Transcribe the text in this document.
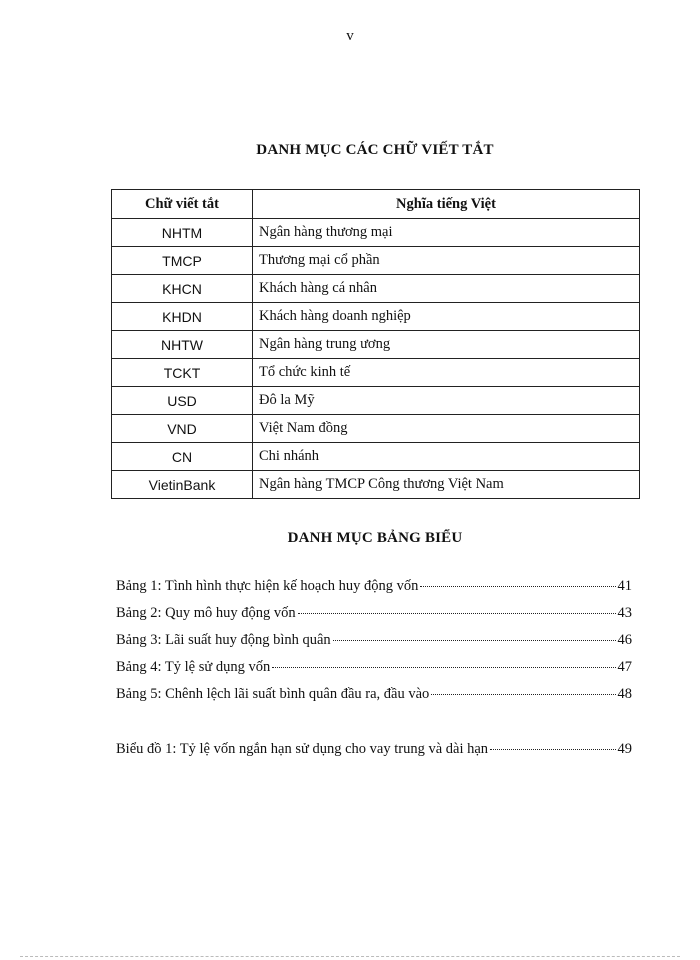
v
DANH MỤC CÁC CHỮ VIẾT TẮT
Chữ viết tắt	Nghĩa tiếng Việt
NHTM	Ngân hàng thương mại
TMCP	Thương mại cổ phần
KHCN	Khách hàng cá nhân
KHDN	Khách hàng doanh nghiệp
NHTW	Ngân hàng trung ương
TCKT	Tổ chức kinh tế
USD	Đô la Mỹ
VND	Việt Nam đồng
CN	Chi nhánh
VietinBank	Ngân hàng TMCP Công thương Việt Nam
DANH MỤC BẢNG BIỂU
Bảng 1: Tình hình thực hiện kế hoạch huy động vốn	41
Bảng 2: Quy mô huy động vốn	43
Bảng 3: Lãi suất huy động bình quân	46
Bảng 4: Tỷ lệ sử dụng vốn	47
Bảng 5: Chênh lệch lãi suất bình quân đầu ra, đầu vào	48
Biểu đồ 1: Tỷ lệ vốn ngắn hạn sử dụng cho vay trung và dài hạn	49
